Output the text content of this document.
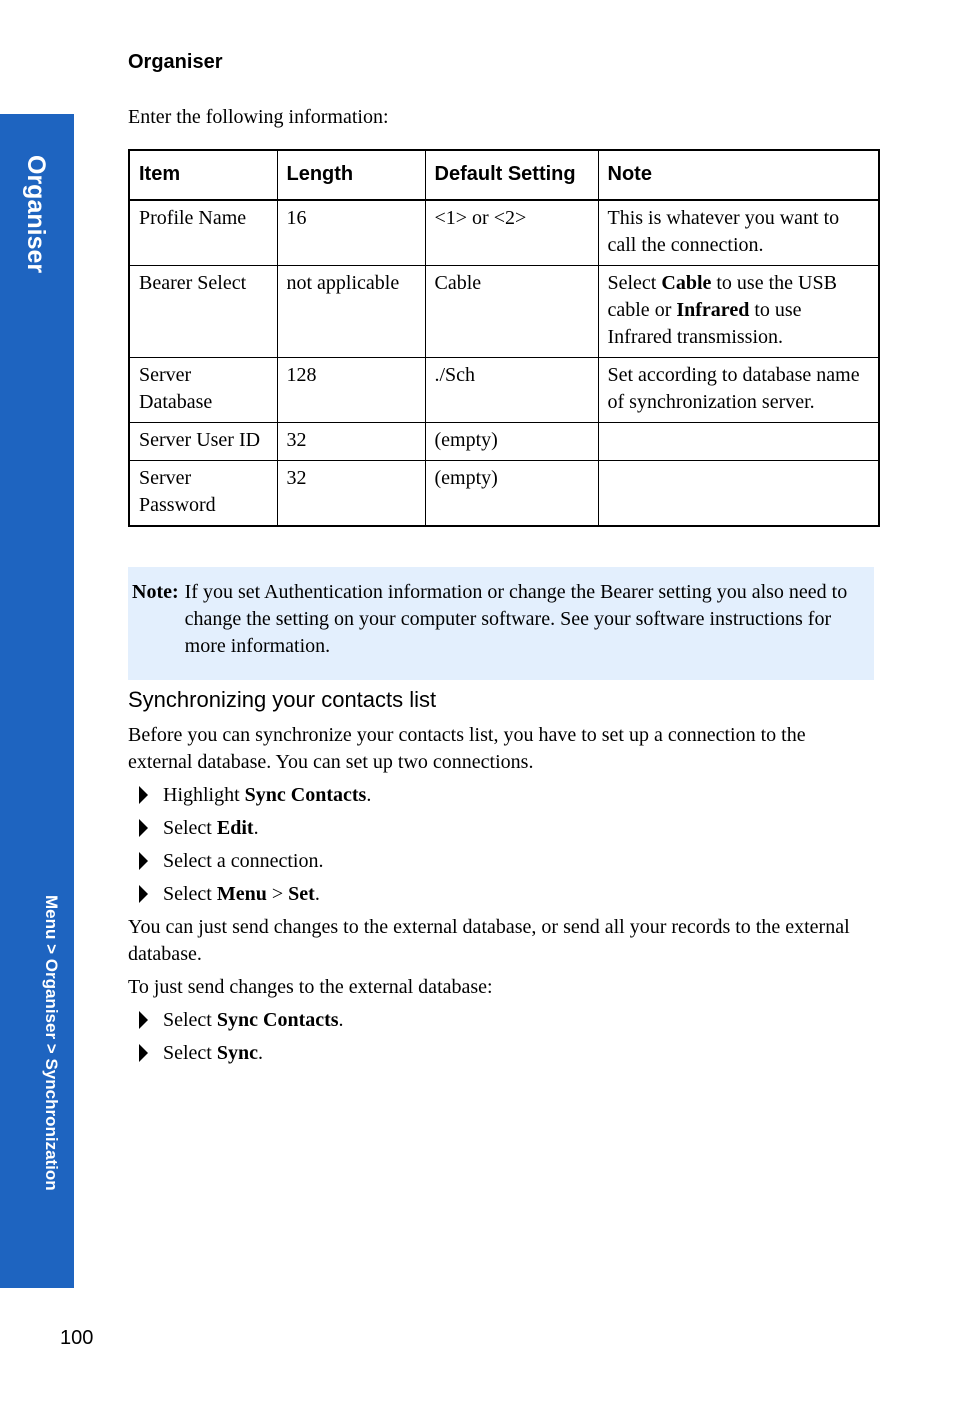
Organiser
Menu > Organiser > Synchronization
Organiser

Enter the following information:

Item	Length	Default Setting	Note
Profile Name	16	<1> or <2>	This is whatever you want to call the connection.
Bearer Select	not applicable	Cable	Select Cable to use the USB cable or Infrared to use Infrared transmission.
Server Database	128	./Sch	Set according to database name of synchronization server.
Server User ID	32	(empty)	
Server Password	32	(empty)	
Note: If you set Authentication information or change the Bearer setting you also need to change the setting on your computer software. See your software instructions for more information.
Synchronizing your contacts list

Before you can synchronize your contacts list, you have to set up a connection to the external database. You can set up two connections.

Highlight Sync Contacts.
Select Edit.
Select a connection.
Select Menu > Set.

You can just send changes to the external database, or send all your records to the external database.

To just send changes to the external database:

Select Sync Contacts.
Select Sync.
100
